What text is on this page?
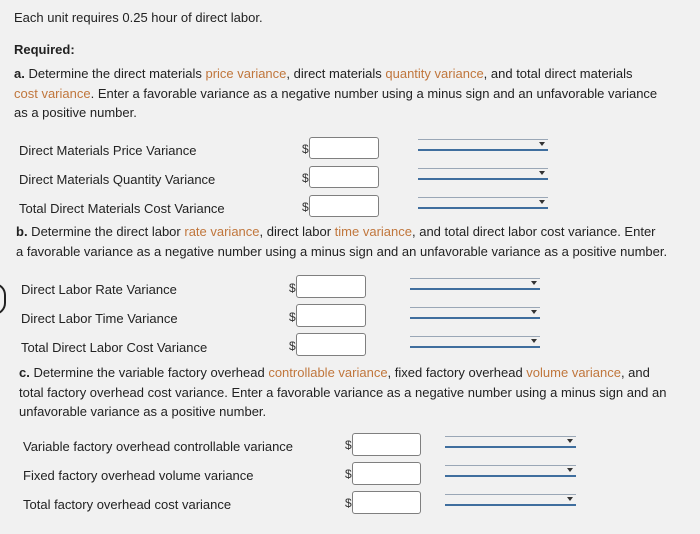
Each unit requires 0.25 hour of direct labor.
Required:
a. Determine the direct materials price variance, direct materials quantity variance, and total direct materials
cost variance. Enter a favorable variance as a negative number using a minus sign and an unfavorable variance
as a positive number.
Direct Materials Price Variance	$
Direct Materials Quantity Variance	$
Total Direct Materials Cost Variance	$
b. Determine the direct labor rate variance, direct labor time variance, and total direct labor cost variance. Enter
a favorable variance as a negative number using a minus sign and an unfavorable variance as a positive number.
Direct Labor Rate Variance	$
Direct Labor Time Variance	$
Total Direct Labor Cost Variance	$
c. Determine the variable factory overhead controllable variance, fixed factory overhead volume variance, and
total factory overhead cost variance. Enter a favorable variance as a negative number using a minus sign and an
unfavorable variance as a positive number.
Variable factory overhead controllable variance	$
Fixed factory overhead volume variance	$
Total factory overhead cost variance	$
